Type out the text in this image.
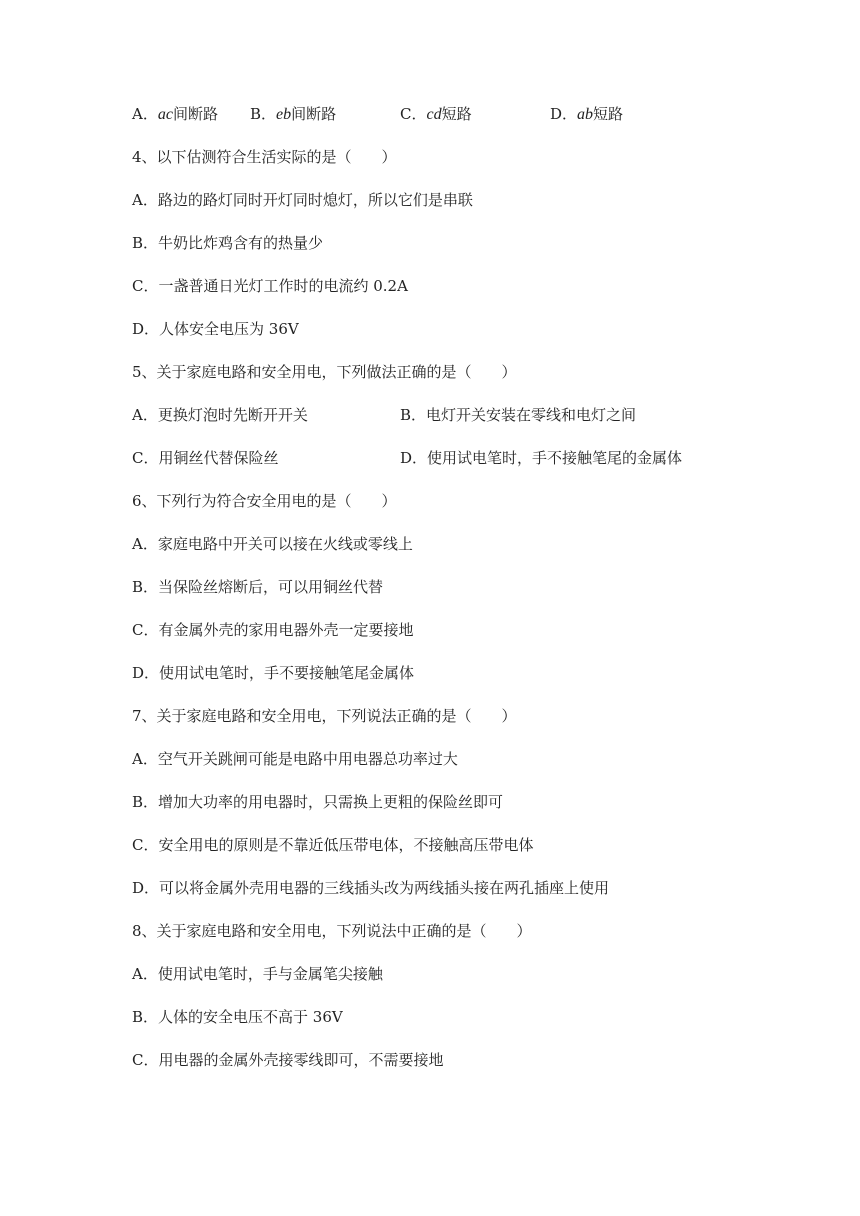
A．ac间断路 B．eb间断路	C．cd短路	D．ab短路
4、以下估测符合生活实际的是（　　）
A．路边的路灯同时开灯同时熄灯，所以它们是串联
B．牛奶比炸鸡含有的热量少
C．一盏普通日光灯工作时的电流约 0.2A
D．人体安全电压为 36V
5、关于家庭电路和安全用电，下列做法正确的是（　　）
A．更换灯泡时先断开开关	B．电灯开关安装在零线和电灯之间
C．用铜丝代替保险丝	D．使用试电笔时，手不接触笔尾的金属体
6、下列行为符合安全用电的是（　　）
A．家庭电路中开关可以接在火线或零线上
B．当保险丝熔断后，可以用铜丝代替
C．有金属外壳的家用电器外壳一定要接地
D．使用试电笔时，手不要接触笔尾金属体
7、关于家庭电路和安全用电，下列说法正确的是（　　）
A．空气开关跳闸可能是电路中用电器总功率过大
B．增加大功率的用电器时，只需换上更粗的保险丝即可
C．安全用电的原则是不靠近低压带电体，不接触高压带电体
D．可以将金属外壳用电器的三线插头改为两线插头接在两孔插座上使用
8、关于家庭电路和安全用电，下列说法中正确的是（　　）
A．使用试电笔时，手与金属笔尖接触
B．人体的安全电压不高于 36V
C．用电器的金属外壳接零线即可，不需要接地
